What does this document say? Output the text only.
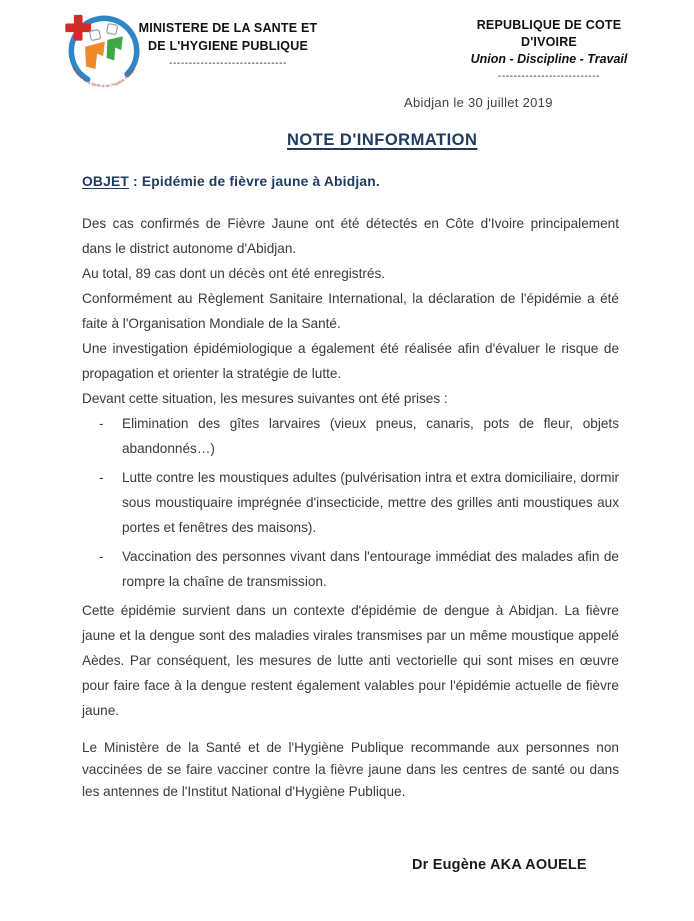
Ministère de la Santé et de l'Hygiène Publique
MINISTERE DE LA SANTE ET
DE L'HYGIENE PUBLIQUE
------------------------------
REPUBLIQUE DE COTE D'IVOIRE
Union - Discipline - Travail
--------------------------
Abidjan le 30 juillet 2019
NOTE D'INFORMATION
OBJET : Epidémie de fièvre jaune à Abidjan.

Des cas confirmés de Fièvre Jaune ont été détectés en Côte d'Ivoire principalement dans le district autonome d'Abidjan.

Au total, 89 cas dont un décès ont été enregistrés.

Conformément au Règlement Sanitaire International, la déclaration de l'épidémie a été faite à l'Organisation Mondiale de la Santé.

Une investigation épidémiologique a également été réalisée afin d'évaluer le risque de propagation et orienter la stratégie de lutte.

Devant cette situation, les mesures suivantes ont été prises :

- Elimination des gîtes larvaires (vieux pneus, canaris, pots de fleur, objets abandonnés…)
- Lutte contre les moustiques adultes (pulvérisation intra et extra domiciliaire, dormir sous moustiquaire imprégnée d'insecticide, mettre des grilles anti moustiques aux portes et fenêtres des maisons).
- Vaccination des personnes vivant dans l'entourage immédiat des malades afin de rompre la chaîne de transmission.

Cette épidémie survient dans un contexte d'épidémie de dengue à Abidjan. La fièvre jaune et la dengue sont des maladies virales transmises par un même moustique appelé Aèdes. Par conséquent, les mesures de lutte anti vectorielle qui sont mises en œuvre pour faire face à la dengue restent également valables pour l'épidémie actuelle de fièvre jaune.

Le Ministère de la Santé et de l'Hygiène Publique recommande aux personnes non vaccinées de se faire vacciner contre la fièvre jaune dans les centres de santé ou dans les antennes de l'Institut National d'Hygiène Publique.

Dr Eugène AKA AOUELE
